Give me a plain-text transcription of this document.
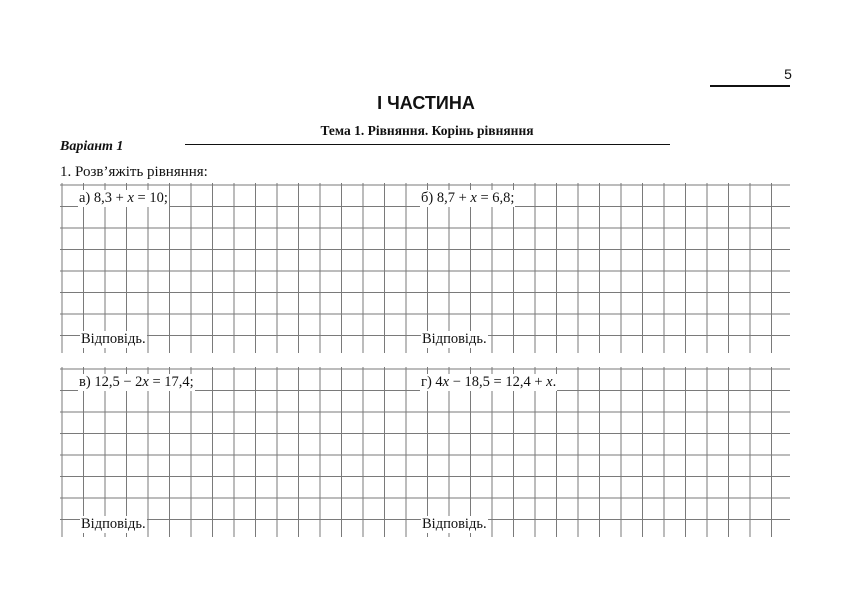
5
І ЧАСТИНА
Тема 1. Рівняння. Корінь рівняння
Варіант 1
1. Розв’яжіть рівняння:
а) 8,3 + x = 10;	б) 8,7 + x = 6,8;
Відповідь.	Відповідь.
в) 12,5 − 2x = 17,4;	г) 4x − 18,5 = 12,4 + x.
Відповідь.	Відповідь.
